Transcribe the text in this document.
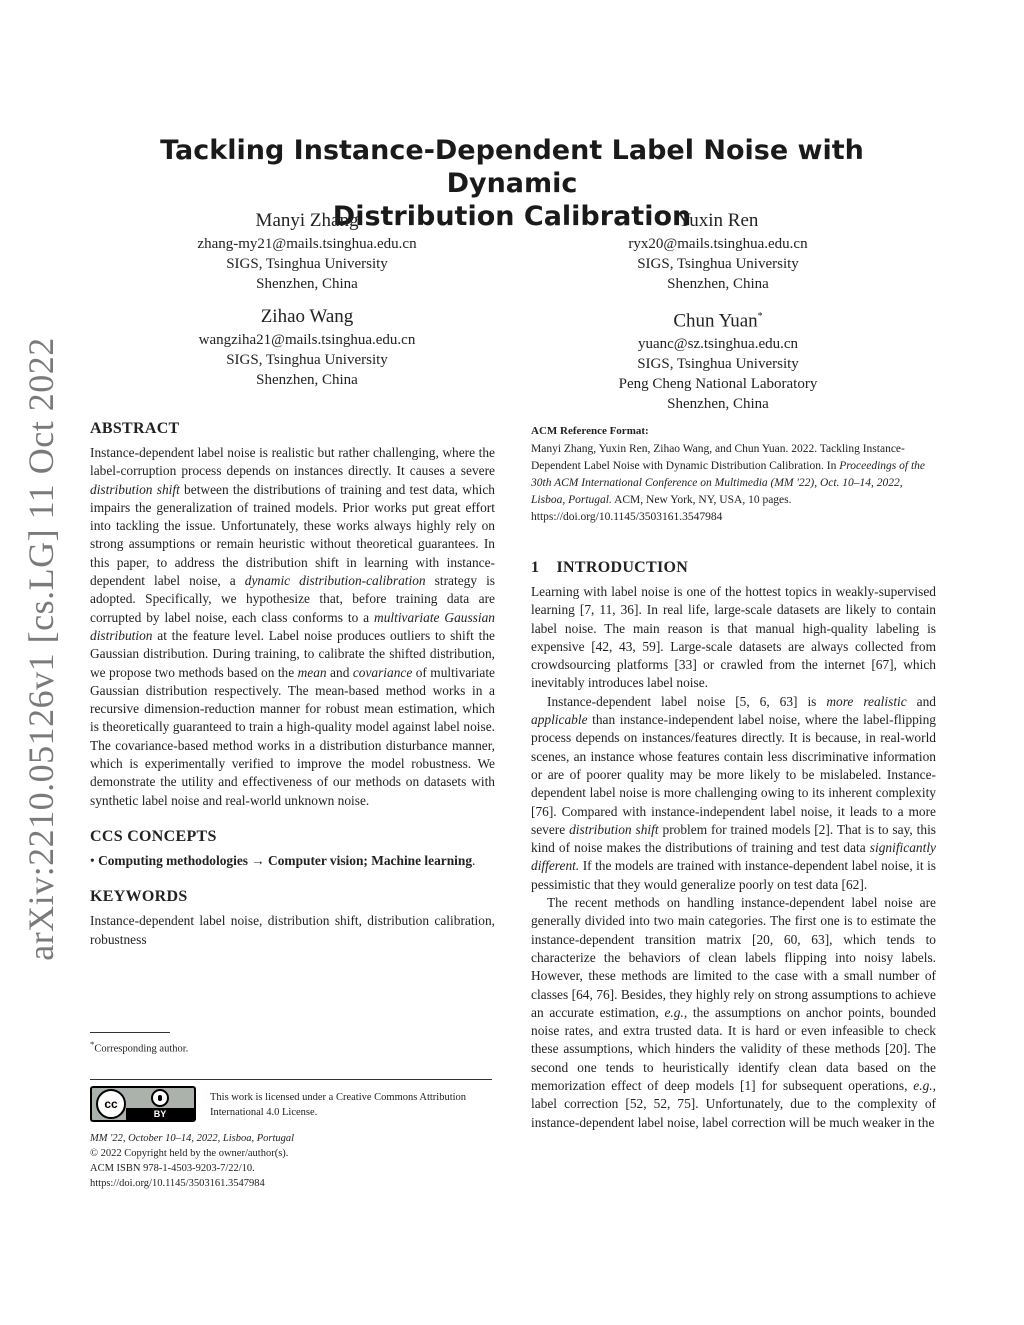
arXiv:2210.05126v1 [cs.LG] 11 Oct 2022
Tackling Instance-Dependent Label Noise with Dynamic
Distribution Calibration
Manyi Zhang
zhang-my21@mails.tsinghua.edu.cn
SIGS, Tsinghua University
Shenzhen, China
Yuxin Ren
ryx20@mails.tsinghua.edu.cn
SIGS, Tsinghua University
Shenzhen, China
Zihao Wang
wangziha21@mails.tsinghua.edu.cn
SIGS, Tsinghua University
Shenzhen, China
Chun Yuan*
yuanc@sz.tsinghua.edu.cn
SIGS, Tsinghua University
Peng Cheng National Laboratory
Shenzhen, China

ABSTRACT

Instance-dependent label noise is realistic but rather challenging, where the label-corruption process depends on instances directly. It causes a severe distribution shift between the distributions of training and test data, which impairs the generalization of trained models. Prior works put great effort into tackling the issue. Unfortunately, these works always highly rely on strong assumptions or remain heuristic without theoretical guarantees. In this paper, to address the distribution shift in learning with instance-dependent label noise, a dynamic distribution-calibration strategy is adopted. Specifically, we hypothesize that, before training data are corrupted by label noise, each class conforms to a multivariate Gaussian distribution at the feature level. Label noise produces outliers to shift the Gaussian distribution. During training, to calibrate the shifted distribution, we propose two methods based on the mean and covariance of multivariate Gaussian distribution respectively. The mean-based method works in a recursive dimension-reduction manner for robust mean estimation, which is theoretically guaranteed to train a high-quality model against label noise. The covariance-based method works in a distribution disturbance manner, which is experimentally verified to improve the model robustness. We demonstrate the utility and effectiveness of our methods on datasets with synthetic label noise and real-world unknown noise.

CCS CONCEPTS

• Computing methodologies → Computer vision; Machine learning.

KEYWORDS

Instance-dependent label noise, distribution shift, distribution calibration, robustness

*Corresponding author.
cc
BY
This work is licensed under a Creative Commons Attribution International 4.0 License.
MM '22, October 10–14, 2022, Lisboa, Portugal
© 2022 Copyright held by the owner/author(s).
ACM ISBN 978-1-4503-9203-7/22/10.
https://doi.org/10.1145/3503161.3547984

ACM Reference Format:

Manyi Zhang, Yuxin Ren, Zihao Wang, and Chun Yuan. 2022. Tackling Instance-Dependent Label Noise with Dynamic Distribution Calibration. In Proceedings of the 30th ACM International Conference on Multimedia (MM '22), Oct. 10–14, 2022, Lisboa, Portugal. ACM, New York, NY, USA, 10 pages. https://doi.org/10.1145/3503161.3547984

1 INTRODUCTION

Learning with label noise is one of the hottest topics in weakly-supervised learning [7, 11, 36]. In real life, large-scale datasets are likely to contain label noise. The main reason is that manual high-quality labeling is expensive [42, 43, 59]. Large-scale datasets are always collected from crowdsourcing platforms [33] or crawled from the internet [67], which inevitably introduces label noise.

Instance-dependent label noise [5, 6, 63] is more realistic and applicable than instance-independent label noise, where the label-flipping process depends on instances/features directly. It is because, in real-world scenes, an instance whose features contain less discriminative information or are of poorer quality may be more likely to be mislabeled. Instance-dependent label noise is more challenging owing to its inherent complexity [76]. Compared with instance-independent label noise, it leads to a more severe distribution shift problem for trained models [2]. That is to say, this kind of noise makes the distributions of training and test data significantly different. If the models are trained with instance-dependent label noise, it is pessimistic that they would generalize poorly on test data [62].

The recent methods on handling instance-dependent label noise are generally divided into two main categories. The first one is to estimate the instance-dependent transition matrix [20, 60, 63], which tends to characterize the behaviors of clean labels flipping into noisy labels. However, these methods are limited to the case with a small number of classes [64, 76]. Besides, they highly rely on strong assumptions to achieve an accurate estimation, e.g., the assumptions on anchor points, bounded noise rates, and extra trusted data. It is hard or even infeasible to check these assumptions, which hinders the validity of these methods [20]. The second one tends to heuristically identify clean data based on the memorization effect of deep models [1] for subsequent operations, e.g., label correction [52, 52, 75]. Unfortunately, due to the complexity of instance-dependent label noise, label correction will be much weaker in the
